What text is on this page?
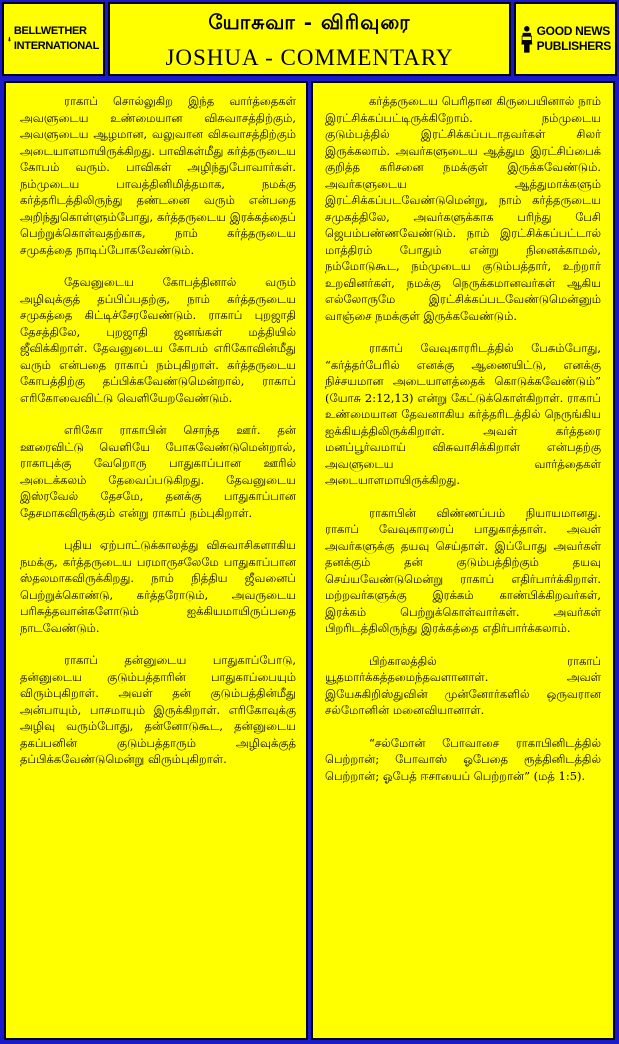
BELLWETHER
INTERNATIONAL
யோசுவா - விரிவுரை
JOSHUA - COMMENTARY
GOOD NEWS
PUBLISHERS

ராகாப் சொல்லுகிற இந்த வார்த்தைகள் அவளுடைய உண்மையான விசுவாசத்திற்கும், அவளுடைய ஆழமான, வலுவான விசுவாசத்திற்கும் அடையாளமாயிருக்கிறது. பாவிகள்மீது கர்த்தருடைய கோபம் வரும். பாவிகள் அழிந்துபோவார்கள். நம்முடைய பாவத்தினிமித்தமாக, நமக்கு கர்த்தரிடத்திலிருந்து தண்டனை வரும் என்பதை அறிந்துகொள்ளும்போது, கர்த்தருடைய இரக்கத்தைப் பெற்றுக்கொள்வதற்காக, நாம் கர்த்தருடைய சமுகத்தை நாடிப்போகவேண்டும்.

தேவனுடைய கோபத்தினால் வரும் அழிவுக்குத் தப்பிப்பதற்கு, நாம் கர்த்தருடைய சமுகத்தை கிட்டிச்சேரவேண்டும். ராகாப் புறஜாதி தேசத்திலே, புறஜாதி ஜனங்கள் மத்தியில் ஜீவிக்கிறாள். தேவனுடைய கோபம் எரிகோவின்மீது வரும் என்பதை ராகாப் நம்புகிறாள். கர்த்தருடைய கோபத்திற்கு தப்பிக்கவேண்டுமென்றால், ராகாப் எரிகோவைவிட்டு வெளியேறவேண்டும்.

எரிகோ ராகாபின் சொந்த ஊர். தன் ஊரைவிட்டு வெளியே போகவேண்டுமென்றால், ராகாபுக்கு வேறொரு பாதுகாப்பான ஊரில் அடைக்கலம் தேவைப்படுகிறது. தேவனுடைய இஸ்ரவேல் தேசமே, தனக்கு பாதுகாப்பான தேசமாகவிருக்கும் என்று ராகாப் நம்புகிறாள்.

புதிய ஏற்பாட்டுக்காலத்து விசுவாசிகளாகிய நமக்கு, கர்த்தருடைய பரமாருசலேமே பாதுகாப்பான ஸ்தலமாகவிருக்கிறது. நாம் நித்திய ஜீவனைப் பெற்றுக்கொண்டு, கர்த்தரோடும், அவருடைய பரிசுத்தவான்களோடும் ஐக்கியமாயிருப்பதை நாடவேண்டும்.

ராகாப் தன்னுடைய பாதுகாப்போடு, தன்னுடைய குடும்பத்தாரின் பாதுகாப்பையும் விரும்புகிறாள். அவள் தன் குடும்பத்தின்மீது அன்பாயும், பாசமாயும் இருக்கிறாள். எரிகோவுக்கு அழிவு வரும்போது, தன்னோடுகூட, தன்னுடைய தகப்பனின் குடும்பத்தாரும் அழிவுக்குத் தப்பிக்கவேண்டுமென்று விரும்புகிறாள்.

கர்த்தருடைய பெரிதான கிருபையினால் நாம் இரட்சிக்கப்பட்டிருக்கிறோம். நம்முடைய குடும்பத்தில் இரட்சிக்கப்படாதவர்கள் சிலர் இருக்கலாம். அவர்களுடைய ஆத்தும இரட்சிப்பைக் குறித்த கரிசனை நமக்குள் இருக்கவேண்டும். அவர்களுடைய ஆத்துமாக்களும் இரட்சிக்கப்படவேண்டுமென்று, நாம் கர்த்தருடைய சமுகத்திலே, அவர்களுக்காக பரிந்து பேசி ஜெபம்பண்ணவேண்டும். நாம் இரட்சிக்கப்பட்டால் மாத்திரம் போதும் என்று நினைக்காமல், நம்மோடுகூட, நம்முடைய குடும்பத்தார், உற்றார் உறவினர்கள், நமக்கு நெருக்கமானவர்கள் ஆகிய எல்லோருமே இரட்சிக்கப்படவேண்டுமென்னும் வாஞ்சை நமக்குள் இருக்கவேண்டும்.

ராகாப் வேவுகாரரிடத்தில் பேசும்போது, “கர்த்தர்பேரில் எனக்கு ஆணையிட்டு, எனக்கு நிச்சயமான அடையாளத்தைக் கொடுக்கவேண்டும்” (யோசு 2:12,13) என்று கேட்டுக்கொள்கிறாள். ராகாப் உண்மையான தேவனாகிய கர்த்தரிடத்தில் நெருங்கிய ஐக்கியத்திலிருக்கிறாள். அவள் கர்த்தரை மனப்பூர்வமாய் விசுவாசிக்கிறாள் என்பதற்கு அவளுடைய வார்த்தைகள் அடையாளமாயிருக்கிறது.

ராகாபின் விண்ணப்பம் நியாயமானது. ராகாப் வேவுகாரரைப் பாதுகாத்தாள். அவள் அவர்களுக்கு தயவு செய்தாள். இப்போது அவர்கள் தனக்கும் தன் குடும்பத்திற்கும் தயவு செய்யவேண்டுமென்று ராகாப் எதிர்பார்க்கிறாள். மற்றவர்களுக்கு இரக்கம் காண்பிக்கிறவர்கள், இரக்கம் பெற்றுக்கொள்வார்கள். அவர்கள் பிறரிடத்திலிருந்து இரக்கத்தை எதிர்பார்க்கலாம்.

பிற்காலத்தில் ராகாப் யூதமார்க்கத்தமைந்தவளானாள். அவள் இயேசுகிறிஸ்துவின் முன்னோர்களில் ஒருவரான சல்மோனின் மனைவியானாள்.

“சல்மோன் போவாசை ராகாபினிடத்தில் பெற்றான்; போவாஸ் ஓபேதை ரூத்தினிடத்தில் பெற்றான்; ஓபேத் ஈசாயைப் பெற்றான்” (மத் 1:5).
